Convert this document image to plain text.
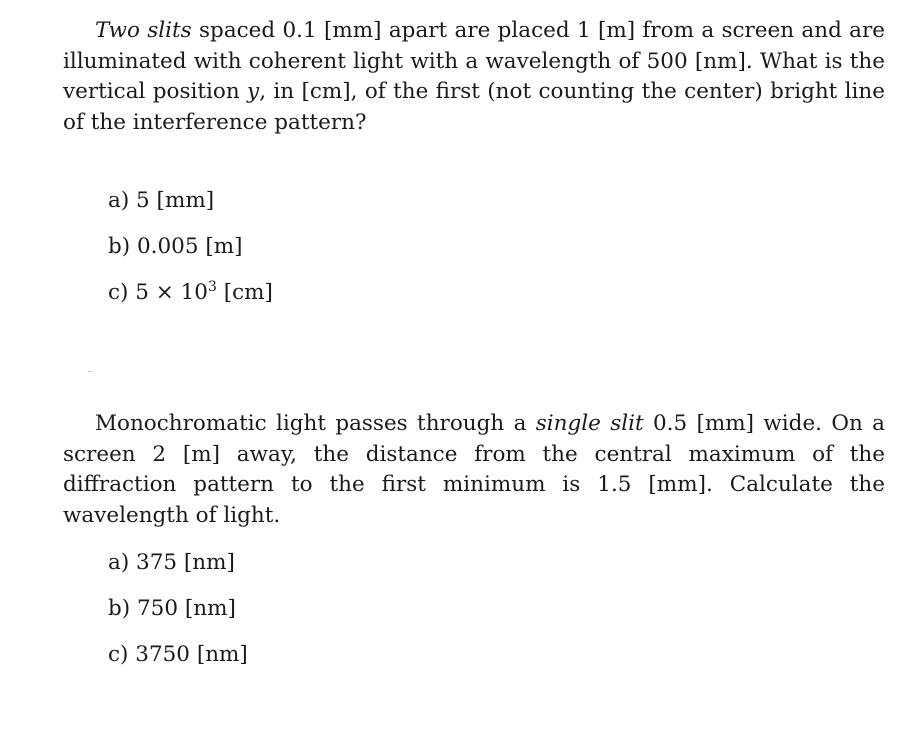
Two slits spaced 0.1 [mm] apart are placed 1 [m] from a screen and are illuminated with coherent light with a wavelength of 500 [nm]. What is the vertical position y, in [cm], of the first (not counting the center) bright line of the interference pattern?

a) 5 [mm]
b) 0.005 [m]
c) $5 \times 10^3$ [cm]

Monochromatic light passes through a single slit 0.5 [mm] wide. On a screen 2 [m] away, the distance from the central maximum of the diffraction pattern to the first minimum is 1.5 [mm]. Calculate the wavelength of light.

a) 375 [nm]
b) 750 [nm]
c) 3750 [nm]
